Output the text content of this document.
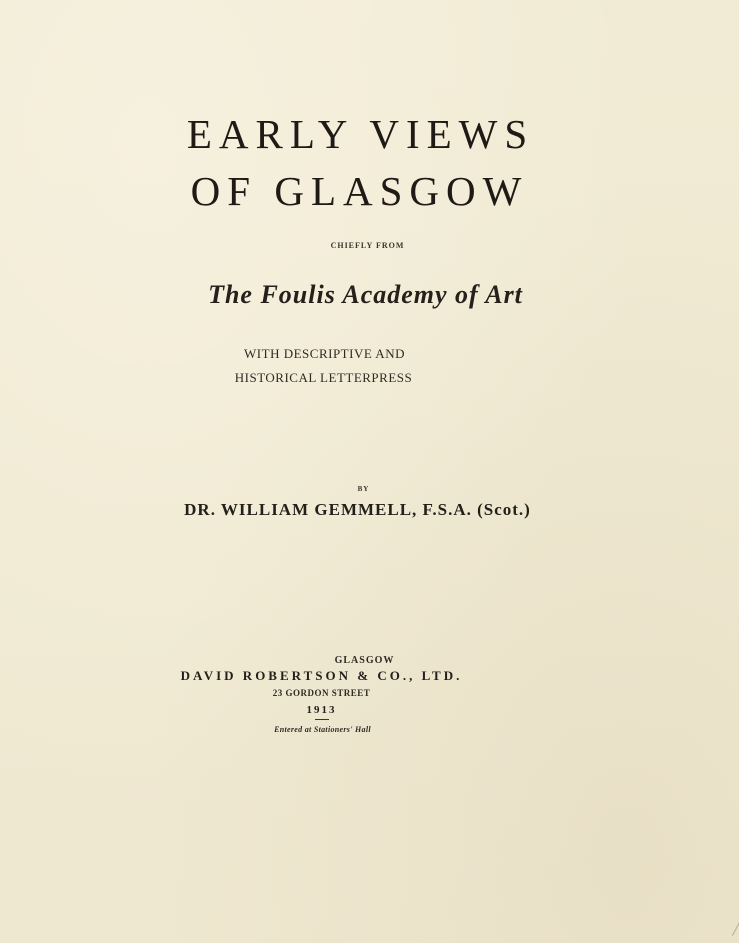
EARLY VIEWS
OF GLASGOW
CHIEFLY FROM
The Foulis Academy of Art
WITH DESCRIPTIVE AND
HISTORICAL LETTERPRESS
BY
DR. WILLIAM GEMMELL, F.S.A. (Scot.)
GLASGOW
DAVID ROBERTSON & CO., LTD.
23 GORDON STREET
1913
Entered at Stationers' Hall
